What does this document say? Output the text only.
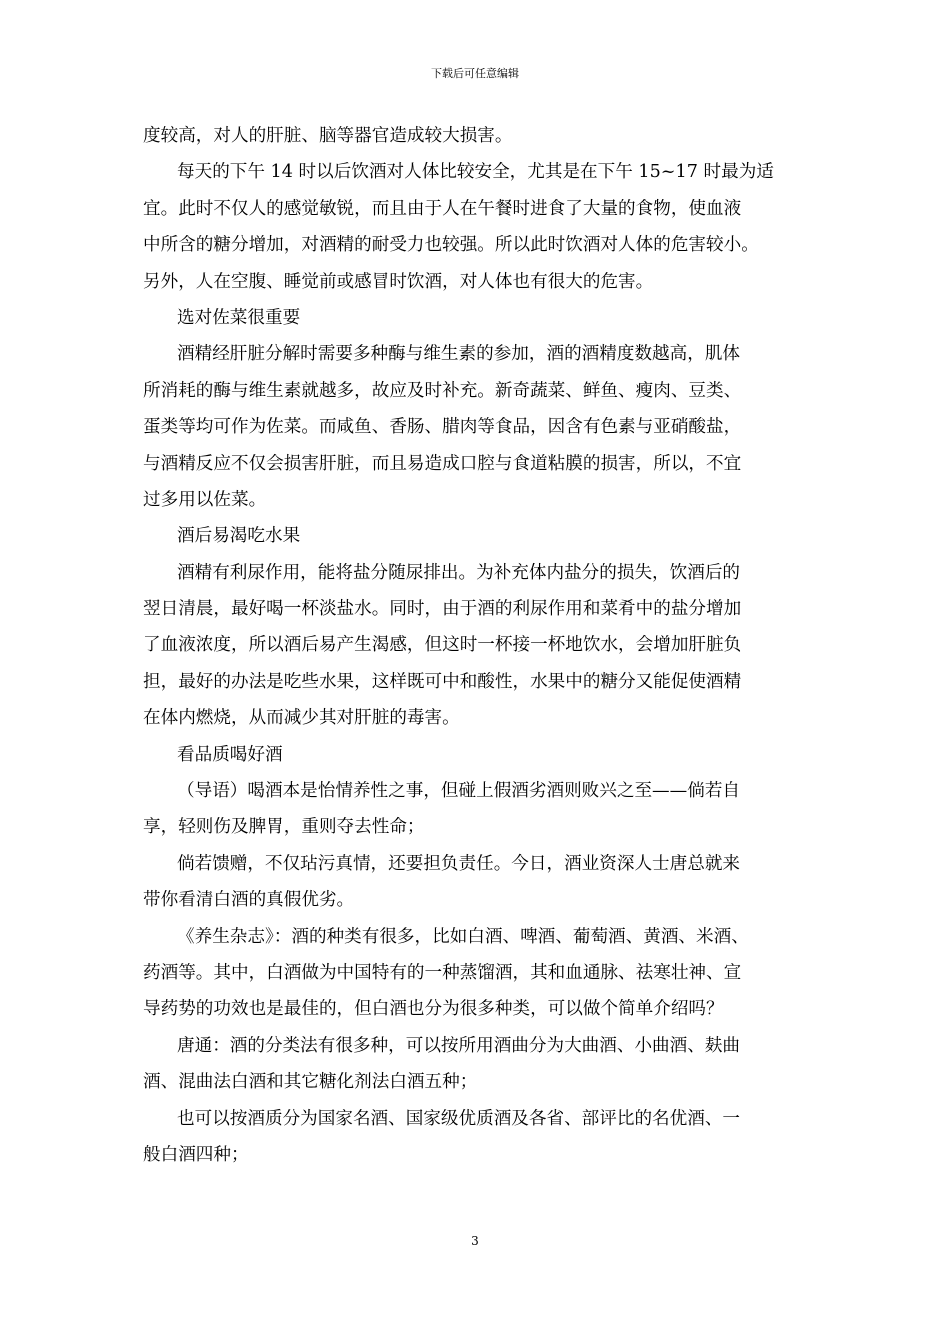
下载后可任意编辑
度较高，对人的肝脏、脑等器官造成较大损害。
每天的下午 14 时以后饮酒对人体比较安全，尤其是在下午 15~17 时最为适
宜。此时不仅人的感觉敏锐，而且由于人在午餐时进食了大量的食物，使血液
中所含的糖分增加，对酒精的耐受力也较强。所以此时饮酒对人体的危害较小。
另外，人在空腹、睡觉前或感冒时饮酒，对人体也有很大的危害。
选对佐菜很重要
酒精经肝脏分解时需要多种酶与维生素的参加，酒的酒精度数越高，肌体
所消耗的酶与维生素就越多，故应及时补充。新奇蔬菜、鲜鱼、瘦肉、豆类、
蛋类等均可作为佐菜。而咸鱼、香肠、腊肉等食品，因含有色素与亚硝酸盐，
与酒精反应不仅会损害肝脏，而且易造成口腔与食道粘膜的损害，所以，不宜
过多用以佐菜。
酒后易渴吃水果
酒精有利尿作用，能将盐分随尿排出。为补充体内盐分的损失，饮酒后的
翌日清晨，最好喝一杯淡盐水。同时，由于酒的利尿作用和菜肴中的盐分增加
了血液浓度，所以酒后易产生渴感，但这时一杯接一杯地饮水，会增加肝脏负
担，最好的办法是吃些水果，这样既可中和酸性，水果中的糖分又能促使酒精
在体内燃烧，从而减少其对肝脏的毒害。
看品质喝好酒
（导语）喝酒本是怡情养性之事，但碰上假酒劣酒则败兴之至——倘若自
享，轻则伤及脾胃，重则夺去性命；
倘若馈赠，不仅玷污真情，还要担负责任。今日，酒业资深人士唐总就来
带你看清白酒的真假优劣。
《养生杂志》：酒的种类有很多，比如白酒、啤酒、葡萄酒、黄酒、米酒、
药酒等。其中，白酒做为中国特有的一种蒸馏酒，其和血通脉、祛寒壮神、宣
导药势的功效也是最佳的，但白酒也分为很多种类，可以做个简单介绍吗？
唐通：酒的分类法有很多种，可以按所用酒曲分为大曲酒、小曲酒、麸曲
酒、混曲法白酒和其它糖化剂法白酒五种；
也可以按酒质分为国家名酒、国家级优质酒及各省、部评比的名优酒、一
般白酒四种；
3
